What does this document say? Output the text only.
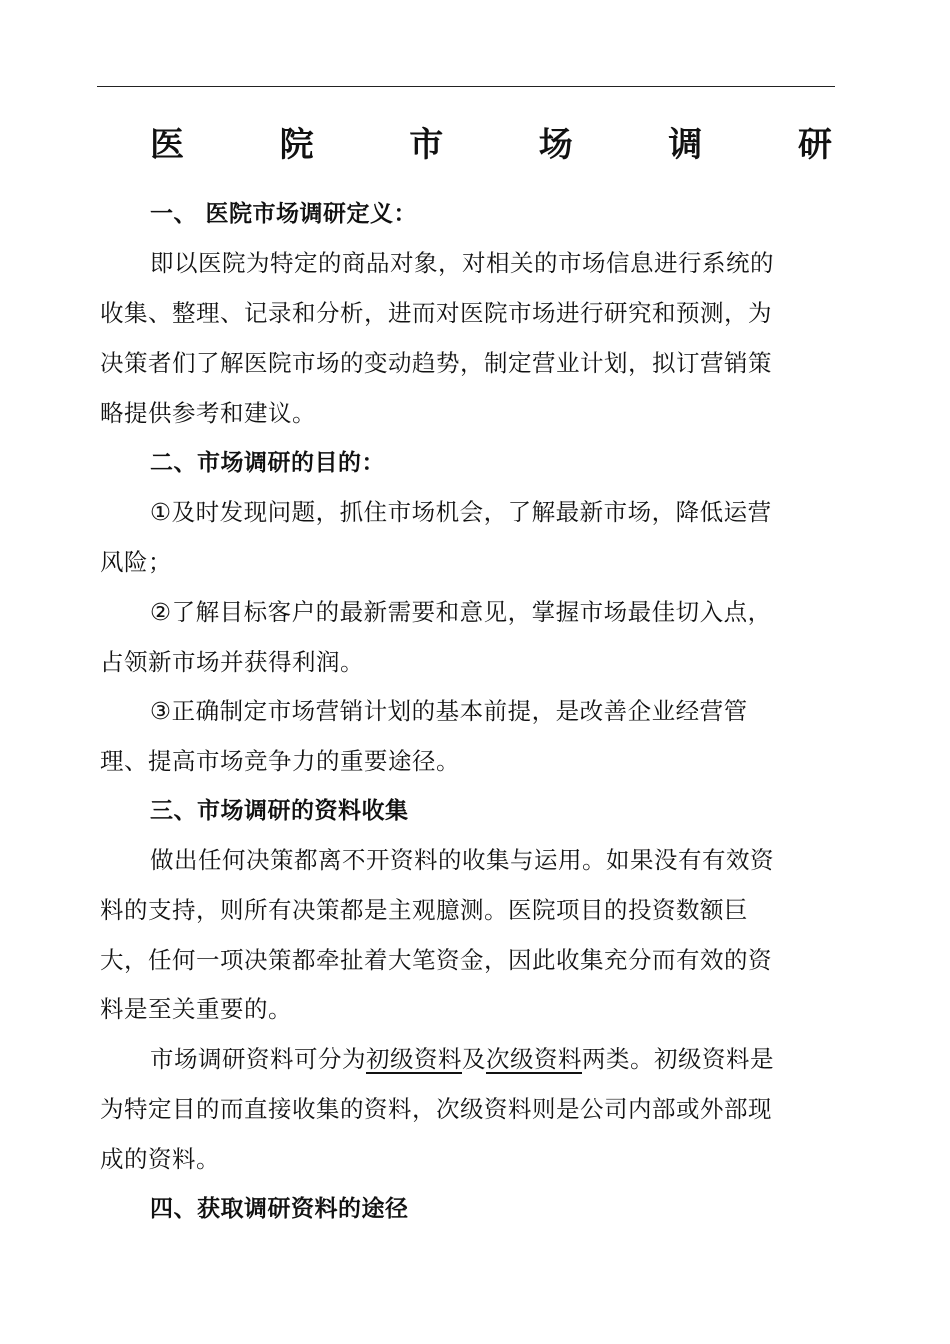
医	院	市	场	调	研
一、 医院市场调研定义：
即以医院为特定的商品对象，对相关的市场信息进行系统的
收集、整理、记录和分析，进而对医院市场进行研究和预测，为
决策者们了解医院市场的变动趋势，制定营业计划，拟订营销策
略提供参考和建议。
二、市场调研的目的：
①及时发现问题，抓住市场机会，了解最新市场，降低运营
风险；
②了解目标客户的最新需要和意见，掌握市场最佳切入点，
占领新市场并获得利润。
③正确制定市场营销计划的基本前提，是改善企业经营管
理、提高市场竞争力的重要途径。
三、市场调研的资料收集
做出任何决策都离不开资料的收集与运用。如果没有有效资
料的支持，则所有决策都是主观臆测。医院项目的投资数额巨
大，任何一项决策都牵扯着大笔资金，因此收集充分而有效的资
料是至关重要的。
市场调研资料可分为初级资料及次级资料两类。初级资料是
为特定目的而直接收集的资料，次级资料则是公司内部或外部现
成的资料。
四、获取调研资料的途径
